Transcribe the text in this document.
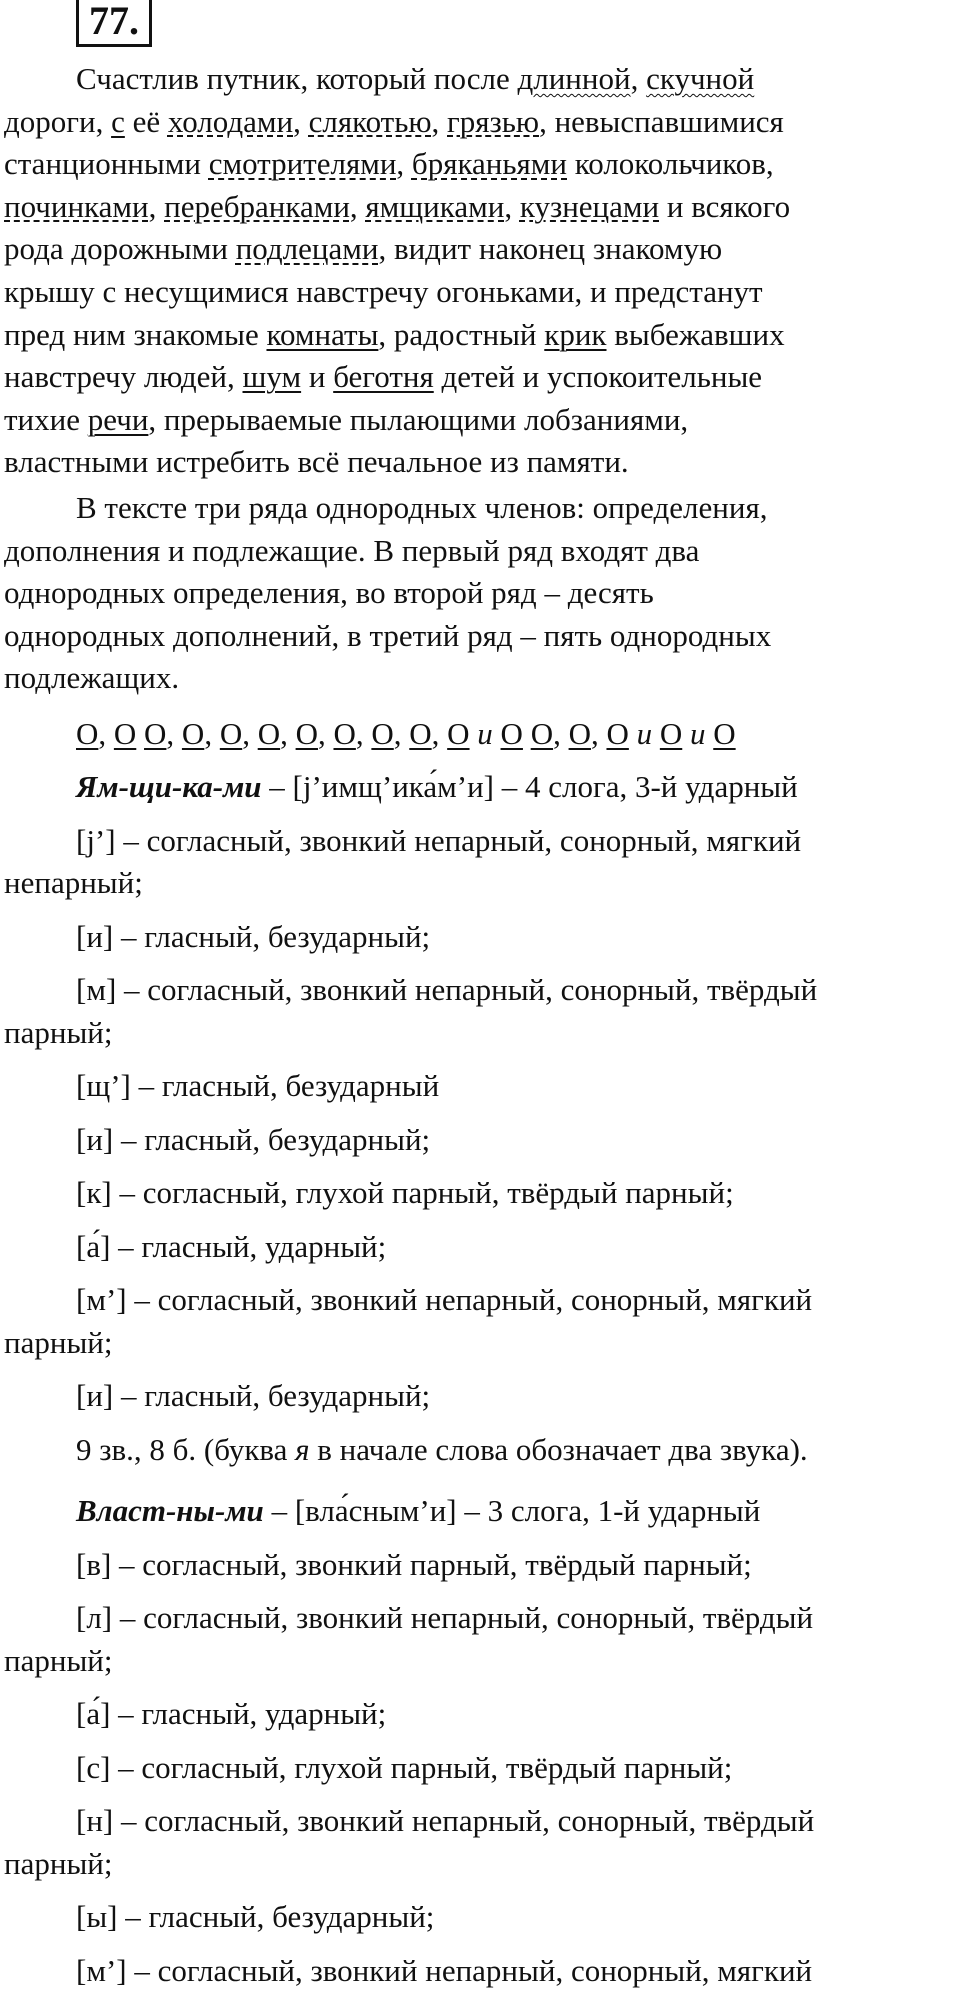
77.
Счастлив путник, который после длинной, скучной
дороги, с её холодами, слякотью, грязью, невыспавшимися
станционными смотрителями, бряканьями колокольчиков,
починками, перебранками, ямщиками, кузнецами и всякого
рода дорожными подлецами, видит наконец знакомую
крышу с несущимися навстречу огоньками, и предстанут
пред ним знакомые комнаты, радостный крик выбежавших
навстречу людей, шум и беготня детей и успокоительные
тихие речи, прерываемые пылающими лобзаниями,
властными истребить всё печальное из памяти.
В тексте три ряда однородных членов: определения,
дополнения и подлежащие. В первый ряд входят два
однородных определения, во второй ряд – десять
однородных дополнений, в третий ряд – пять однородных
подлежащих.
О, О О, О, О, О, О, О, О, О, О и О О, О, О и О и О
Ям-щи-ка-ми – [j’имщ’ика́м’и] – 4 слога, 3-й ударный
[j’] – согласный, звонкий непарный, сонорный, мягкий
непарный;
[и] – гласный, безударный;
[м] – согласный, звонкий непарный, сонорный, твёрдый
парный;
[щ’] – гласный, безударный
[и] – гласный, безударный;
[к] – согласный, глухой парный, твёрдый парный;
[а́] – гласный, ударный;
[м’] – согласный, звонкий непарный, сонорный, мягкий
парный;
[и] – гласный, безударный;
9 зв., 8 б. (буква я в начале слова обозначает два звука).
Власт-ны-ми – [вла́сным’и] – 3 слога, 1-й ударный
[в] – согласный, звонкий парный, твёрдый парный;
[л] – согласный, звонкий непарный, сонорный, твёрдый
парный;
[а́] – гласный, ударный;
[с] – согласный, глухой парный, твёрдый парный;
[н] – согласный, звонкий непарный, сонорный, твёрдый
парный;
[ы] – гласный, безударный;
[м’] – согласный, звонкий непарный, сонорный, мягкий
